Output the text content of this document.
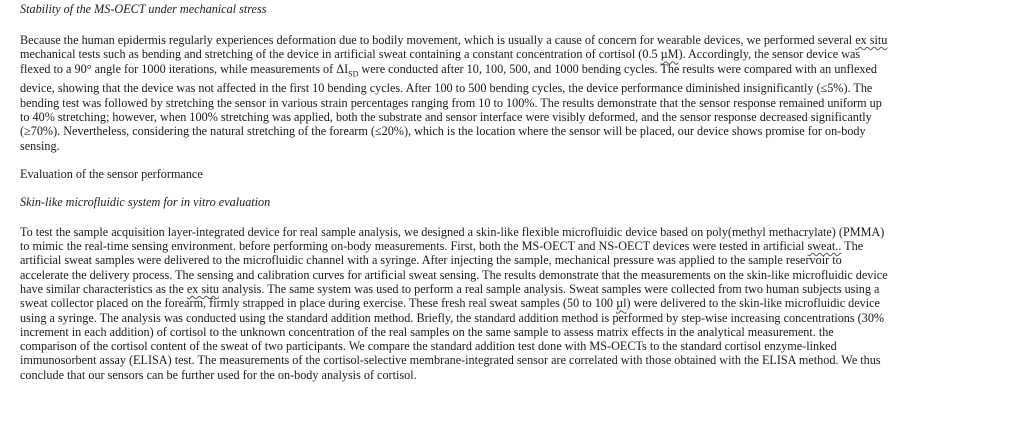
Stability of the MS-OECT under mechanical stress

Because the human epidermis regularly experiences deformation due to bodily movement, which is usually a cause of concern for wearable devices, we performed several ex situ
mechanical tests such as bending and stretching of the device in artificial sweat containing a constant concentration of cortisol (0.5 µM). Accordingly, the sensor device was
flexed to a 90° angle for 1000 iterations, while measurements of $\Delta I_{SD}$ were conducted after 10, 100, 500, and 1000 bending cycles. The results were compared with an unflexed
device, showing that the device was not affected in the first 10 bending cycles. After 100 to 500 bending cycles, the device performance diminished insignificantly (≤5%). The
bending test was followed by stretching the sensor in various strain percentages ranging from 10 to 100%. The results demonstrate that the sensor response remained uniform up
to 40% stretching; however, when 100% stretching was applied, both the substrate and sensor interface were visibly deformed, and the sensor response decreased significantly
(≥70%). Nevertheless, considering the natural stretching of the forearm (≤20%), which is the location where the sensor will be placed, our device shows promise for on-body
sensing.

Evaluation of the sensor performance

Skin-like microfluidic system for in vitro evaluation

To test the sample acquisition layer-integrated device for real sample analysis, we designed a skin-like flexible microfluidic device based on poly(methyl methacrylate) (PMMA)
to mimic the real-time sensing environment. before performing on-body measurements. First, both the MS-OECT and NS-OECT devices were tested in artificial sweat.. The
artificial sweat samples were delivered to the microfluidic channel with a syringe. After injecting the sample, mechanical pressure was applied to the sample reservoir to
accelerate the delivery process. The sensing and calibration curves for artificial sweat sensing. The results demonstrate that the measurements on the skin-like microfluidic device
have similar characteristics as the ex situ analysis. The same system was used to perform a real sample analysis. Sweat samples were collected from two human subjects using a
sweat collector placed on the forearm, firmly strapped in place during exercise. These fresh real sweat samples (50 to 100 µl) were delivered to the skin-like microfluidic device
using a syringe. The analysis was conducted using the standard addition method. Briefly, the standard addition method is performed by step-wise increasing concentrations (30%
increment in each addition) of cortisol to the unknown concentration of the real samples on the same sample to assess matrix effects in the analytical measurement. the
comparison of the cortisol content of the sweat of two participants. We compare the standard addition test done with MS-OECTs to the standard cortisol enzyme-linked
immunosorbent assay (ELISA) test. The measurements of the cortisol-selective membrane-integrated sensor are correlated with those obtained with the ELISA method. We thus
conclude that our sensors can be further used for the on-body analysis of cortisol.
